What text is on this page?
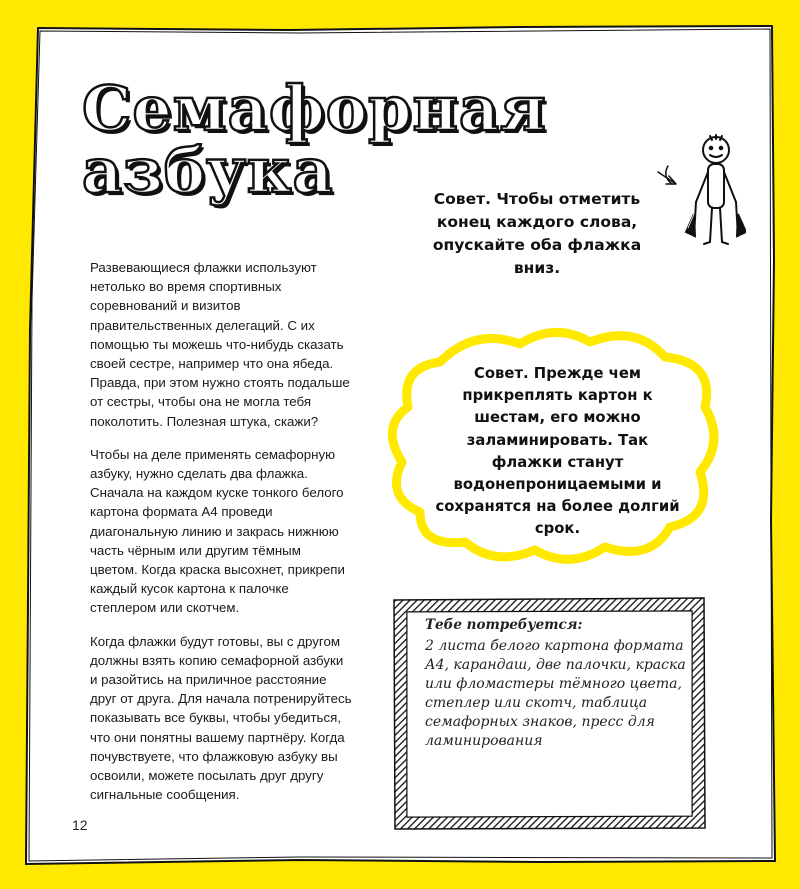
Семафорная
азбука

Развевающиеся флажки используют нетолько во время спортивных соревнований и визитов правительственных делегаций. С их помощью ты можешь что-нибудь сказать своей сестре, например что она ябеда. Правда, при этом нужно стоять подальше от сестры, чтобы она не могла тебя поколотить. Полезная штука, скажи?

Чтобы на деле применять семафорную азбуку, нужно сделать два флажка. Сначала на каждом куске тонкого белого картона формата А4 проведи диагональную линию и закрась нижнюю часть чёрным или другим тёмным цветом. Когда краска высохнет, прикрепи каждый кусок картона к палочке степлером или скотчем.

Когда флажки будут готовы, вы с другом должны взять копию семафорной азбуки и разойтись на приличное расстояние друг от друга. Для начала потренируйтесь показывать все буквы, чтобы убедиться, что они понятны вашему партнёру. Когда почувствуете, что флажковую азбуку вы освоили, можете посылать друг другу сигнальные сообщения.

Совет. Чтобы отметить конец каждого слова, опускайте оба флажка вниз.
Совет. Прежде чем прикреплять картон к шестам, его можно заламинировать. Так флажки станут водонепроницаемыми и сохранятся на более долгий срок.
Тебе потребуется:
2 листа белого картона формата А4, карандаш, две палочки, краска или фломастеры тёмного цвета, степлер или скотч, таблица семафорных знаков, пресс для ламинирования
12
